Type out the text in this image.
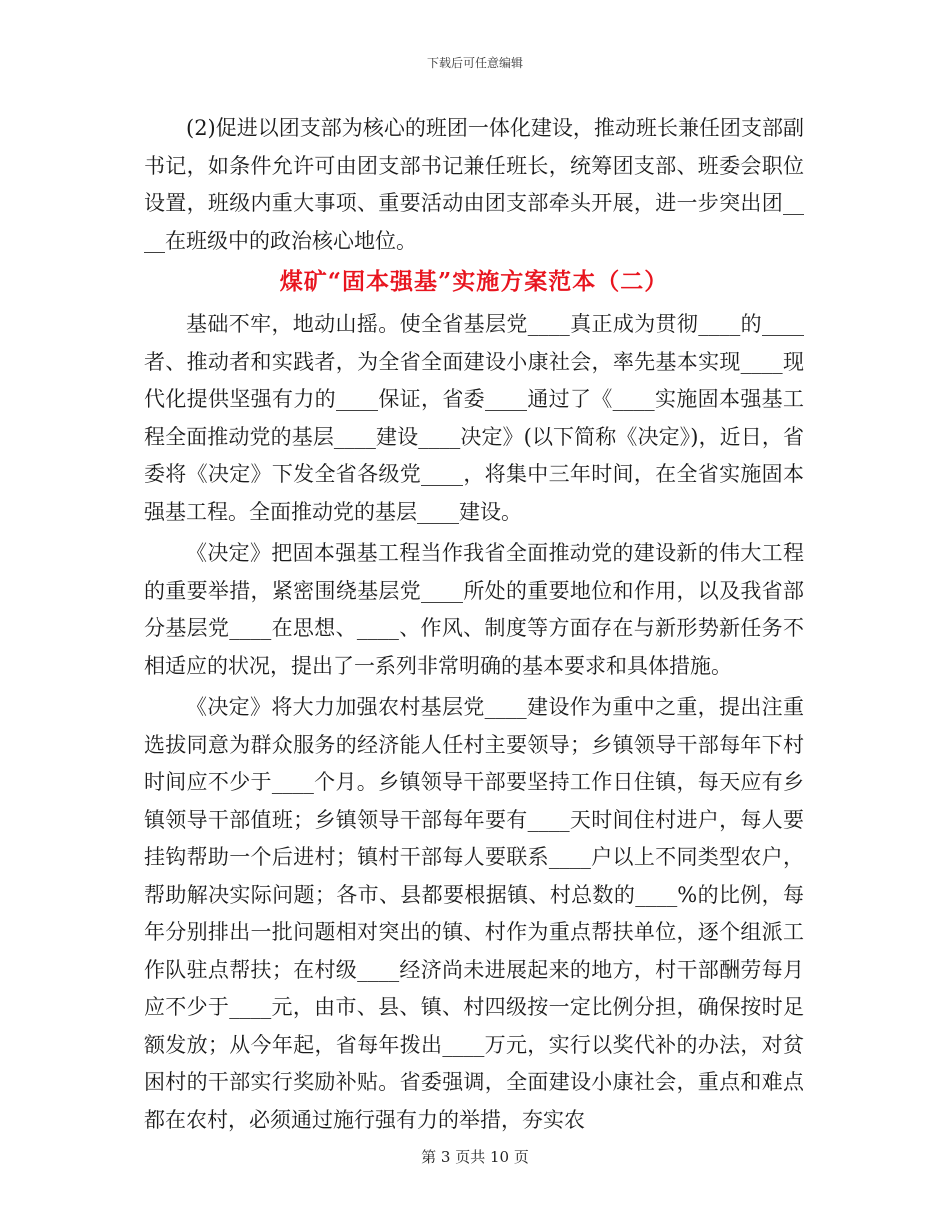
下载后可任意编辑

(2)促进以团支部为核心的班团一体化建设，推动班长兼任团支部副书记，如条件允许可由团支部书记兼任班长，统筹团支部、班委会职位设置，班级内重大事项、重要活动由团支部牵头开展，进一步突出团____在班级中的政治核心地位。

煤矿“固本强基”实施方案范本（二）

基础不牢，地动山摇。使全省基层党____真正成为贯彻____的____者、推动者和实践者，为全省全面建设小康社会，率先基本实现____现代化提供坚强有力的____保证，省委____通过了《____实施固本强基工程全面推动党的基层____建设____决定》(以下简称《决定》)，近日，省委将《决定》下发全省各级党____，将集中三年时间，在全省实施固本强基工程。全面推动党的基层____建设。

《决定》把固本强基工程当作我省全面推动党的建设新的伟大工程的重要举措，紧密围绕基层党____所处的重要地位和作用，以及我省部分基层党____在思想、____、作风、制度等方面存在与新形势新任务不相适应的状况，提出了一系列非常明确的基本要求和具体措施。

《决定》将大力加强农村基层党____建设作为重中之重，提出注重选拔同意为群众服务的经济能人任村主要领导；乡镇领导干部每年下村时间应不少于____个月。乡镇领导干部要坚持工作日住镇，每天应有乡镇领导干部值班；乡镇领导干部每年要有____天时间住村进户，每人要挂钩帮助一个后进村；镇村干部每人要联系____户以上不同类型农户，帮助解决实际问题；各市、县都要根据镇、村总数的____%的比例，每年分别排出一批问题相对突出的镇、村作为重点帮扶单位，逐个组派工作队驻点帮扶；在村级____经济尚未进展起来的地方，村干部酬劳每月应不少于____元，由市、县、镇、村四级按一定比例分担，确保按时足额发放；从今年起，省每年拨出____万元，实行以奖代补的办法，对贫困村的干部实行奖励补贴。省委强调，全面建设小康社会，重点和难点都在农村，必须通过施行强有力的举措，夯实农

第 3 页共 10 页
